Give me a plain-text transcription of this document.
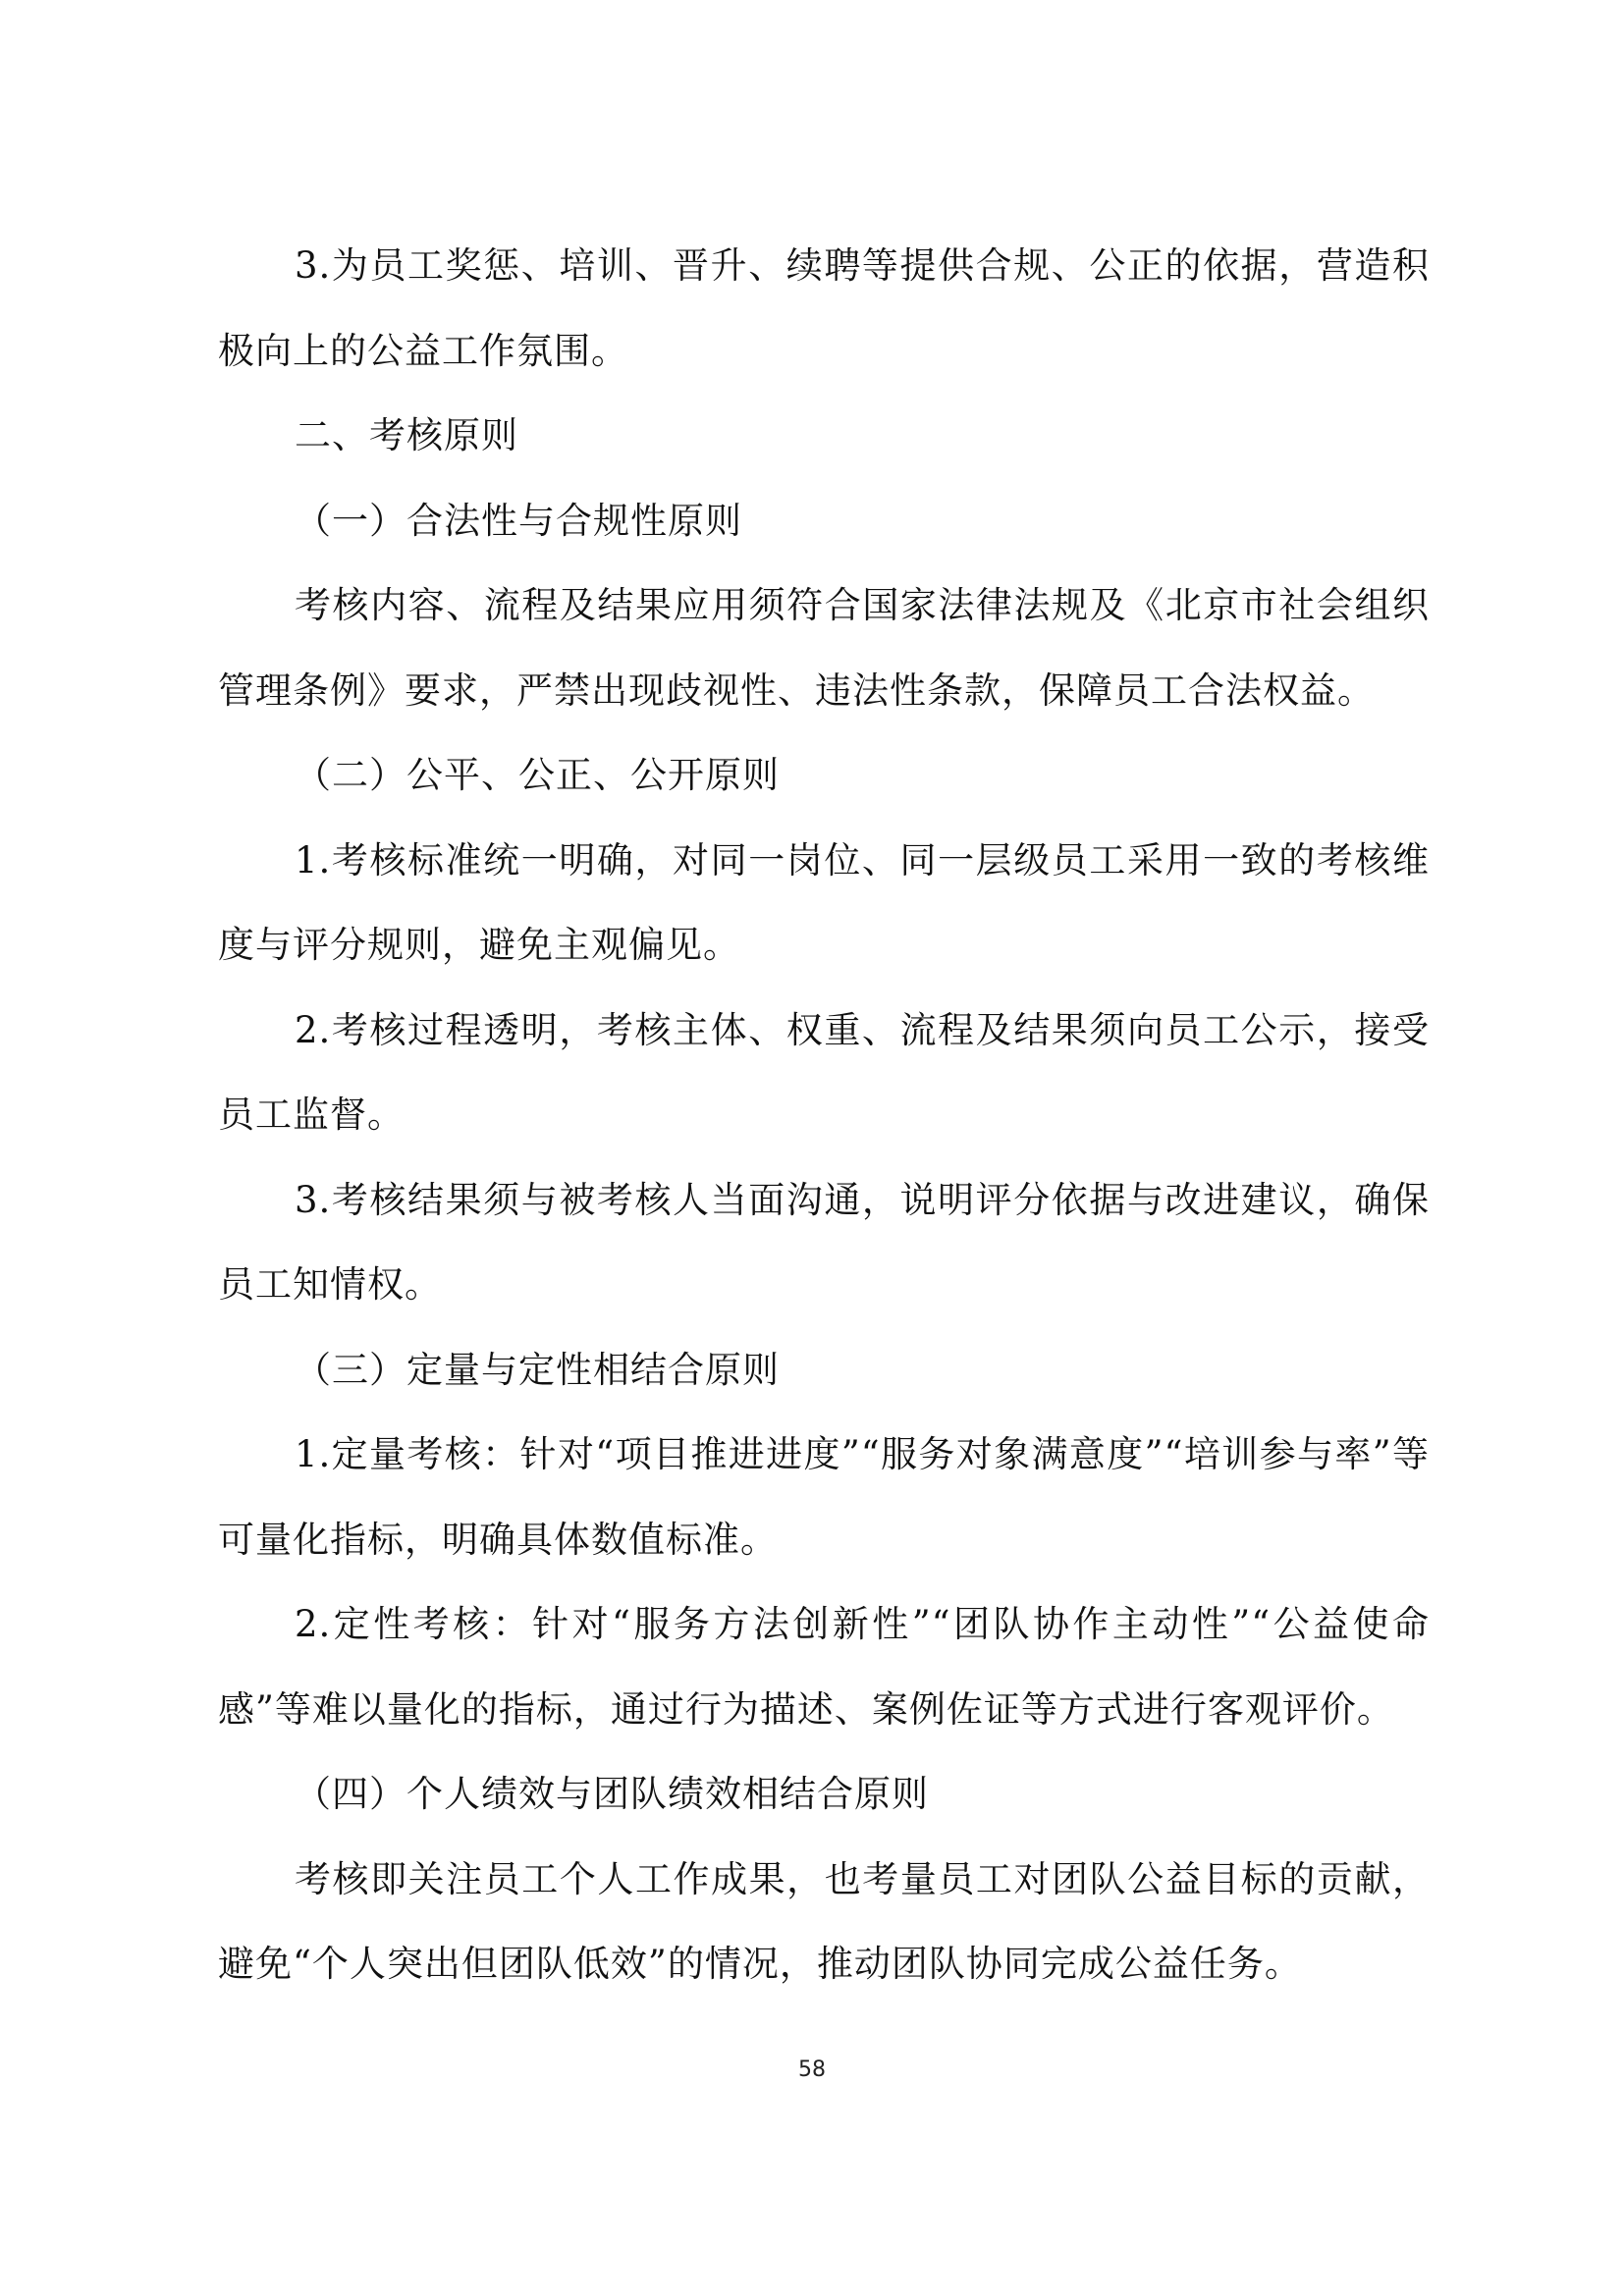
3.为员工奖惩、培训、晋升、续聘等提供合规、公正的依据，营造积极向上的公益工作氛围。

二、考核原则

（一）合法性与合规性原则

考核内容、流程及结果应用须符合国家法律法规及《北京市社会组织管理条例》要求，严禁出现歧视性、违法性条款，保障员工合法权益。

（二）公平、公正、公开原则

1.考核标准统一明确，对同一岗位、同一层级员工采用一致的考核维度与评分规则，避免主观偏见。

2.考核过程透明，考核主体、权重、流程及结果须向员工公示，接受员工监督。

3.考核结果须与被考核人当面沟通，说明评分依据与改进建议，确保员工知情权。

（三）定量与定性相结合原则

1.定量考核：针对“项目推进进度”“服务对象满意度”“培训参与率”等可量化指标，明确具体数值标准。

2.定性考核：针对“服务方法创新性”“团队协作主动性”“公益使命感”等难以量化的指标，通过行为描述、案例佐证等方式进行客观评价。

（四）个人绩效与团队绩效相结合原则

考核即关注员工个人工作成果，也考量员工对团队公益目标的贡献，避免“个人突出但团队低效”的情况，推动团队协同完成公益任务。

58
